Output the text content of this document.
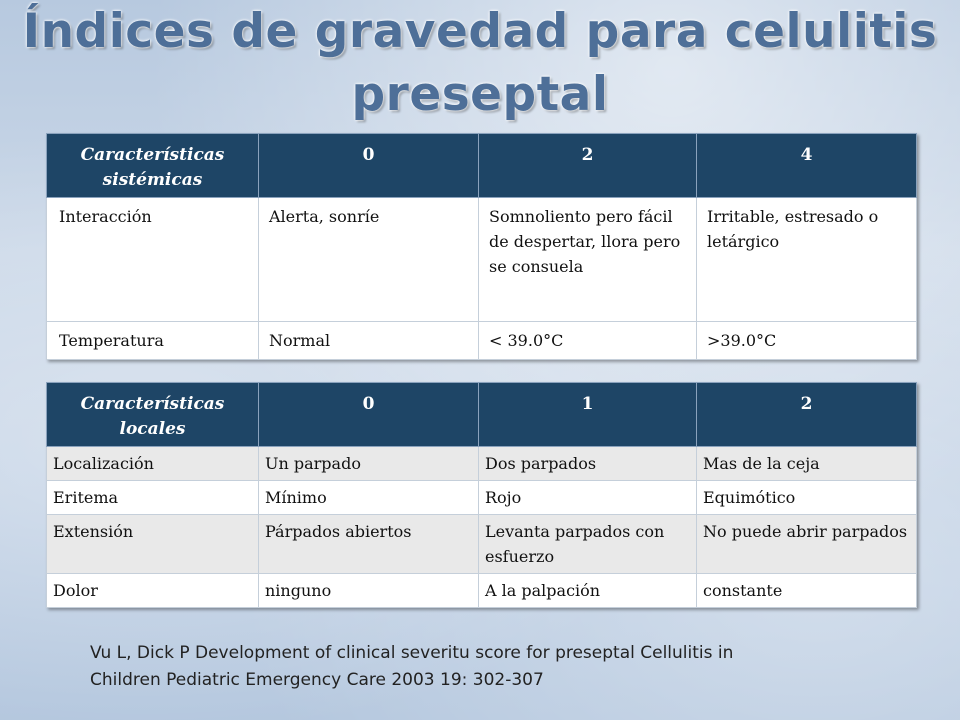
Índices de gravedad para celulitis
preseptal
Características sistémicas	0	2	4
Interacción	Alerta, sonríe	Somnoliento pero fácil de despertar, llora pero se consuela	Irritable, estresado o letárgico
Temperatura	Normal	< 39.0°C	>39.0°C
Características locales	0	1	2
Localización	Un parpado	Dos parpados	Mas de la ceja
Eritema	Mínimo	Rojo	Equimótico
Extensión	Párpados abiertos	Levanta parpados con esfuerzo	No puede abrir parpados
Dolor	ninguno	A la palpación	constante
Vu L, Dick P Development of clinical severitu score for preseptal Cellulitis in
Children Pediatric Emergency Care 2003 19: 302-307
